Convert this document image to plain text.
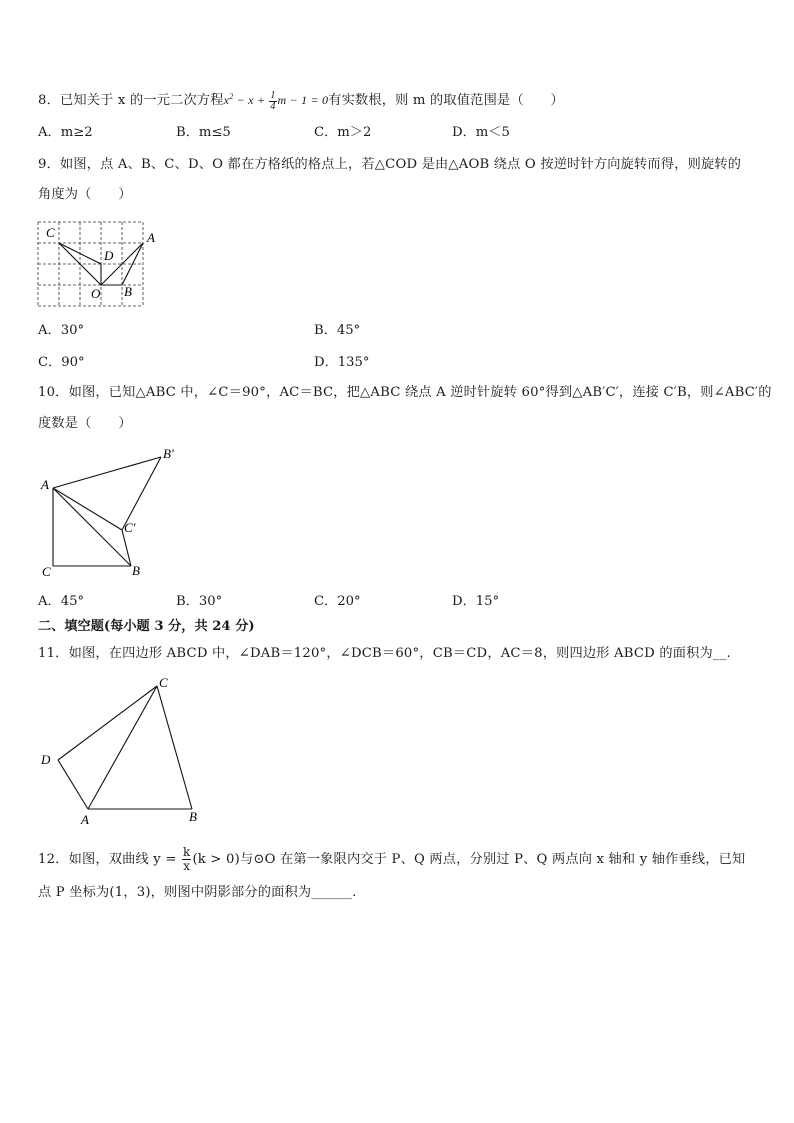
8．已知关于 x 的一元二次方程$x^2 - x + \frac{1}{4}$ m − 1 = 0有实数根，则 m 的取值范围是（　　）
A．m≥2	B．m≤5	C．m＞2	D．m＜5
9．如图，点 A、B、C、D、O 都在方格纸的格点上，若△COD 是由△AOB 绕点 O 按逆时针方向旋转而得，则旋转的
角度为（　　）
C
D
A
O B
A．30°	B．45°
C．90°	D．135°
10．如图，已知△ABC 中，∠C＝90°，AC＝BC，把△ABC 绕点 A 逆时针旋转 60°得到△AB′C′，连接 C′B，则∠ABC′的
度数是（　　）
A
B′
C′
C	B
A．45°	B．30°	C．20°	D．15°
二、填空题(每小题 3 分，共 24 分)
11．如图，在四边形 ABCD 中，∠DAB＝120°，∠DCB＝60°，CB＝CD，AC＝8，则四边形 ABCD 的面积为__.
C
D
A	B
12．如图，双曲线 $y = \frac{k}{x} (k > 0)$与⊙O 在第一象限内交于 P、Q 两点，分别过 P、Q 两点向 x 轴和 y 轴作垂线，已知
点 P 坐标为(1，3)，则图中阴影部分的面积为______.
